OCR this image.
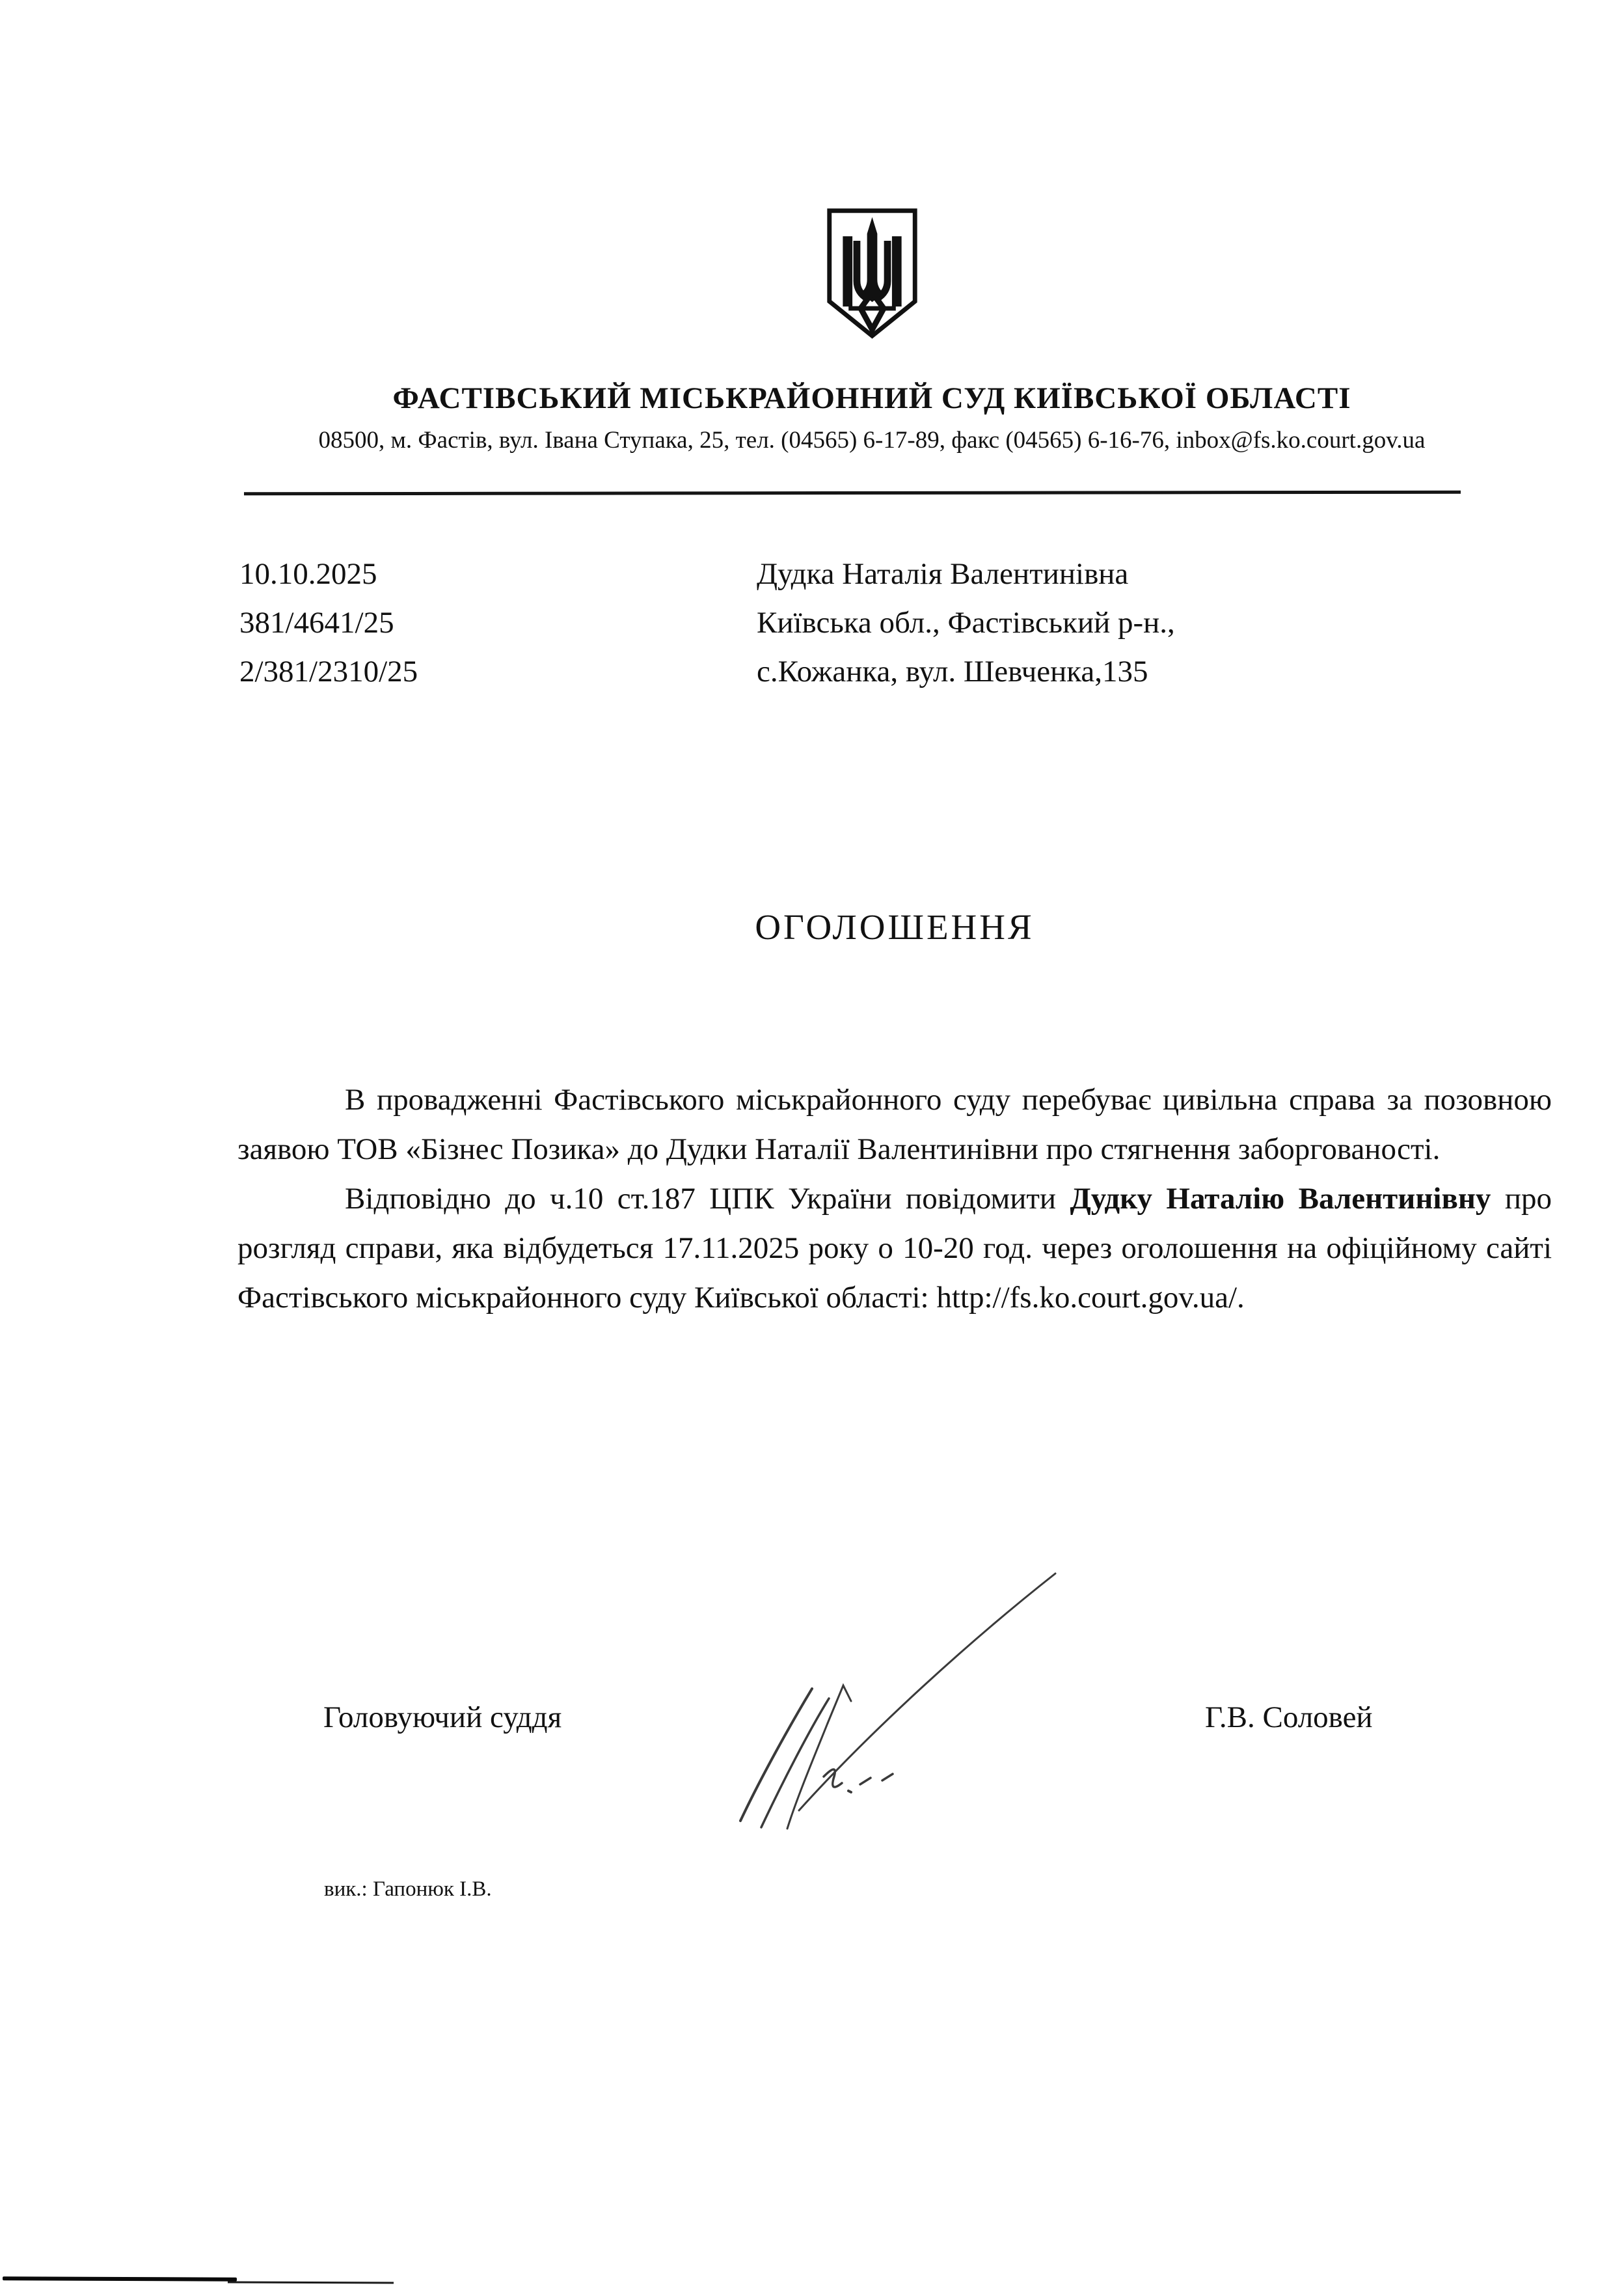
ФАСТІВСЬКИЙ МІСЬКРАЙОННИЙ СУД КИЇВСЬКОЇ ОБЛАСТІ
08500, м. Фастів, вул. Івана Ступака, 25, тел. (04565) 6-17-89, факс (04565) 6-16-76, inbox@fs.ko.court.gov.ua
10.10.2025
381/4641/25
2/381/2310/25
Дудка Наталія Валентинівна
Київська обл., Фастівський р-н.,
с.Кожанка, вул. Шевченка,135
ОГОЛОШЕННЯ

В провадженні Фастівського міськрайонного суду перебуває цивільна справа за позовною заявою ТОВ «Бізнес Позика» до Дудки Наталії Валентинівни про стягнення заборгованості.

Відповідно до ч.10 ст.187 ЦПК України повідомити Дудку Наталію Валентинівну про розгляд справи, яка відбудеться 17.11.2025 року о 10-20 год. через оголошення на офіційному сайті Фастівського міськрайонного суду Київської області: http://fs.ko.court.gov.ua/.

Головуючий суддя	Г.В. Соловей
вик.: Гапонюк І.В.
